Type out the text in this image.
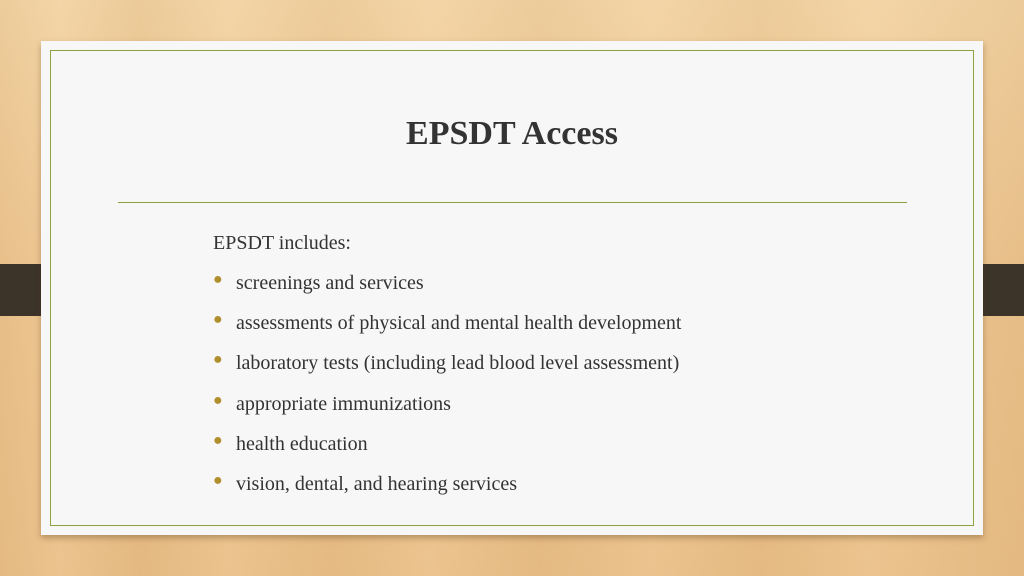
EPSDT Access

EPSDT includes:

● screenings and services
● assessments of physical and mental health development
● laboratory tests (including lead blood level assessment)
● appropriate immunizations
● health education
● vision, dental, and hearing services
